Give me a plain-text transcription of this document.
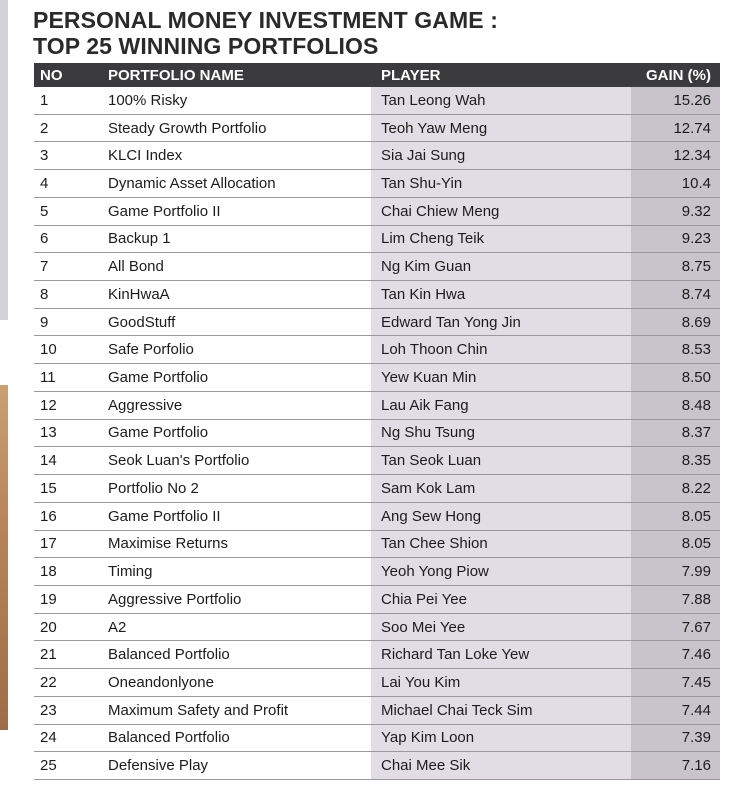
PERSONAL MONEY INVESTMENT GAME :
TOP 25 WINNING PORTFOLIOS
NO	PORTFOLIO NAME	PLAYER	GAIN (%)
1	100% Risky	Tan Leong Wah	15.26
2	Steady Growth Portfolio	Teoh Yaw Meng	12.74
3	KLCI Index	Sia Jai Sung	12.34
4	Dynamic Asset Allocation	Tan Shu-Yin	10.4
5	Game Portfolio II	Chai Chiew Meng	9.32
6	Backup 1	Lim Cheng Teik	9.23
7	All Bond	Ng Kim Guan	8.75
8	KinHwaA	Tan Kin Hwa	8.74
9	GoodStuff	Edward Tan Yong Jin	8.69
10	Safe Porfolio	Loh Thoon Chin	8.53
11	Game Portfolio	Yew Kuan Min	8.50
12	Aggressive	Lau Aik Fang	8.48
13	Game Portfolio	Ng Shu Tsung	8.37
14	Seok Luan's Portfolio	Tan Seok Luan	8.35
15	Portfolio No 2	Sam Kok Lam	8.22
16	Game Portfolio II	Ang Sew Hong	8.05
17	Maximise Returns	Tan Chee Shion	8.05
18	Timing	Yeoh Yong Piow	7.99
19	Aggressive Portfolio	Chia Pei Yee	7.88
20	A2	Soo Mei Yee	7.67
21	Balanced Portfolio	Richard Tan Loke Yew	7.46
22	Oneandonlyone	Lai You Kim	7.45
23	Maximum Safety and Profit	Michael Chai Teck Sim	7.44
24	Balanced Portfolio	Yap Kim Loon	7.39
25	Defensive Play	Chai Mee Sik	7.16
